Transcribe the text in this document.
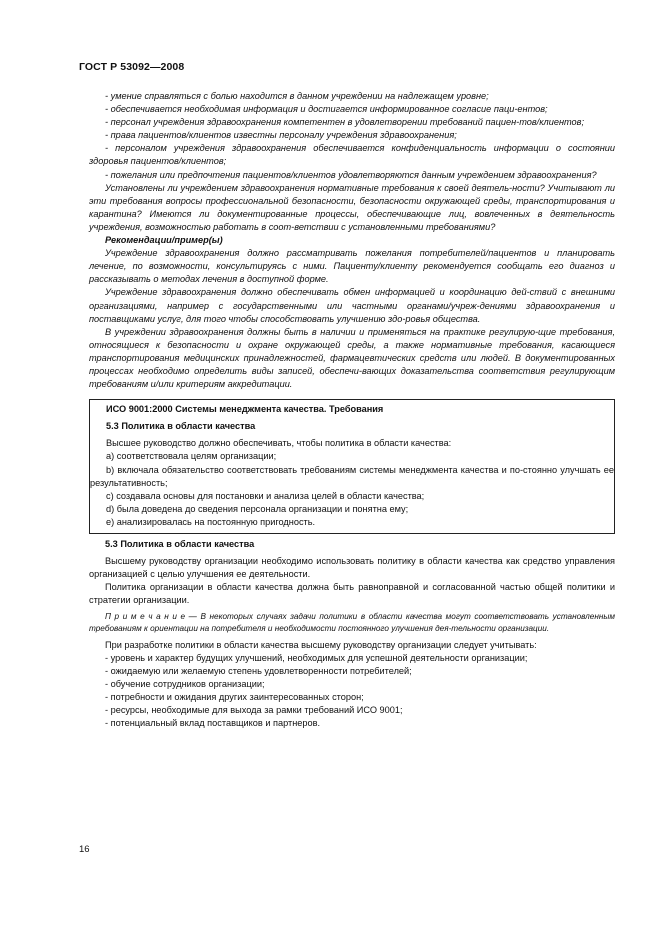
ГОСТ Р 53092—2008

- умение справляться с болью находится в данном учреждении на надлежащем уровне;

- обеспечивается необходимая информация и достигается информированное согласие паци-ентов;

- персонал учреждения здравоохранения компетентен в удовлетворении требований пациен-тов/клиентов;

- права пациентов/клиентов известны персоналу учреждения здравоохранения;

- персоналом учреждения здравоохранения обеспечивается конфиденциальность информации о состоянии здоровья пациентов/клиентов;

- пожелания или предпочтения пациентов/клиентов удовлетворяются данным учреждением здравоохранения?

Установлены ли учреждением здравоохранения нормативные требования к своей деятель-ности? Учитывают ли эти требования вопросы профессиональной безопасности, безопасности окружающей среды, транспортирования и карантина? Имеются ли документированные процессы, обеспечивающие лиц, вовлеченных в деятельность учреждения, возможностью работать в соот-ветствии с установленными требованиями?

Рекомендации/пример(ы)

Учреждение здравоохранения должно рассматривать пожелания потребителей/пациентов и планировать лечение, по возможности, консультируясь с ними. Пациенту/клиенту рекомендуется сообщать его диагноз и рассказывать о методах лечения в доступной форме.

Учреждение здравоохранения должно обеспечивать обмен информацией и координацию дей-ствий с внешними организациями, например с государственными или частными органами/учреж-дениями здравоохранения и поставщиками услуг, для того чтобы способствовать улучшению здо-ровья общества.

В учреждении здравоохранения должны быть в наличии и применяться на практике регулирую-щие требования, относящиеся к безопасности и охране окружающей среды, а также нормативные требования, касающиеся транспортирования медицинских принадлежностей, фармацевтических средств или людей. В документированных процессах необходимо определить виды записей, обеспечи-вающих доказательства соответствия регулирующим требованиям и/или критериям аккредитации.

ИСО 9001:2000 Системы менеджмента качества. Требования

5.3 Политика в области качества

Высшее руководство должно обеспечивать, чтобы политика в области качества:

а) соответствовала целям организации;

b) включала обязательство соответствовать требованиям системы менеджмента качества и по-стоянно улучшать ее результативность;

c) создавала основы для постановки и анализа целей в области качества;

d) была доведена до сведения персонала организации и понятна ему;

e) анализировалась на постоянную пригодность.

5.3 Политика в области качества

Высшему руководству организации необходимо использовать политику в области качества как средство управления организацией с целью улучшения ее деятельности.

Политика организации в области качества должна быть равноправной и согласованной частью общей политики и стратегии организации.

П р и м е ч а н и е — В некоторых случаях задачи политики в области качества могут соответствовать установленным требованиям к ориентации на потребителя и необходимости постоянного улучшения дея-тельности организации.

При разработке политики в области качества высшему руководству организации следует учитывать:

- уровень и характер будущих улучшений, необходимых для успешной деятельности организации;

- ожидаемую или желаемую степень удовлетворенности потребителей;

- обучение сотрудников организации;

- потребности и ожидания других заинтересованных сторон;

- ресурсы, необходимые для выхода за рамки требований ИСО 9001;

- потенциальный вклад поставщиков и партнеров.

16
